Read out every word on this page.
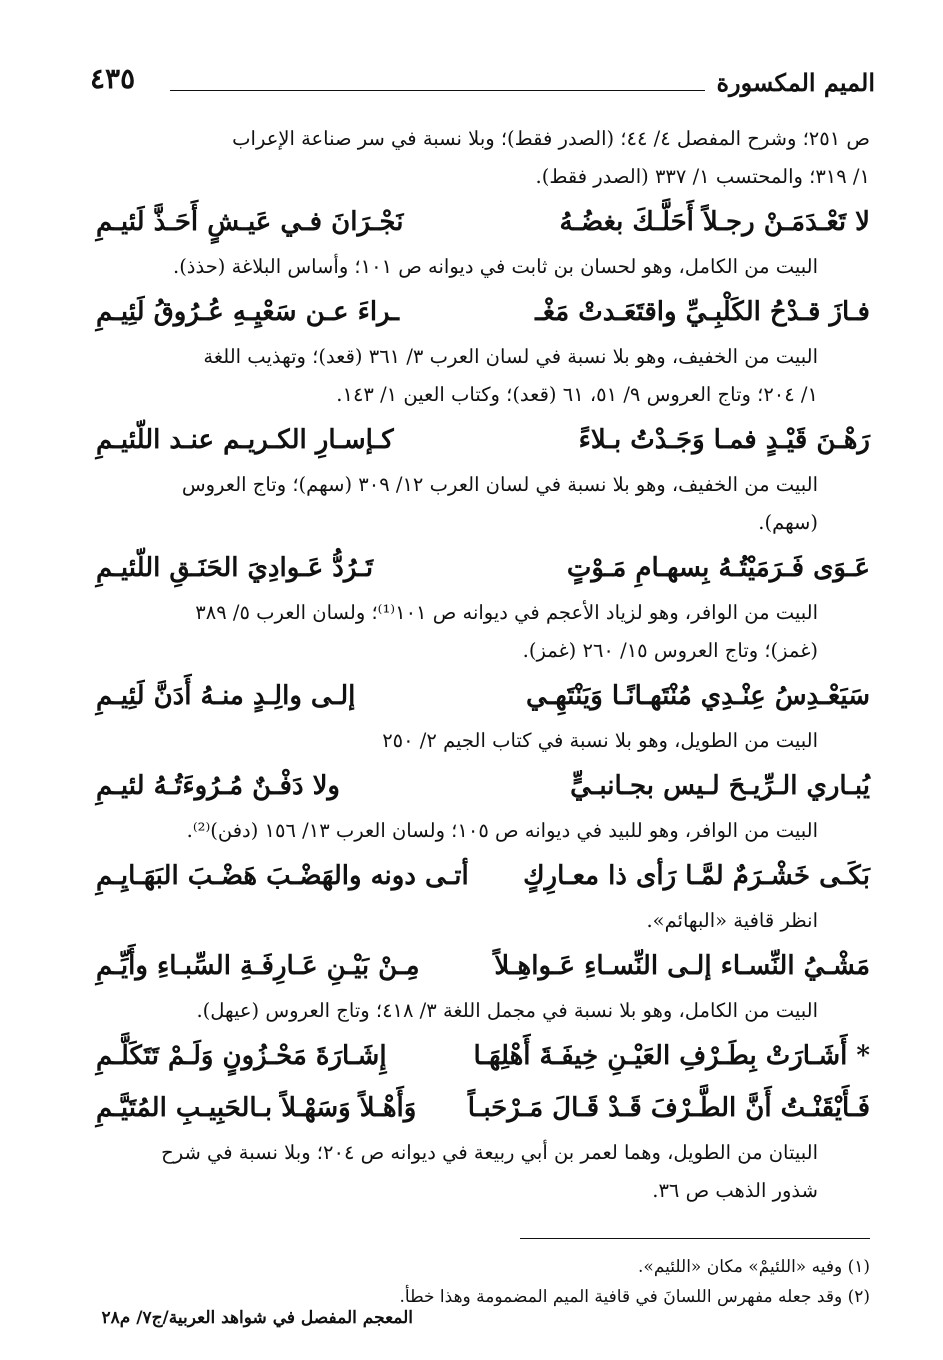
الميم المكسورة
٤٣٥

ص ٢٥١؛ وشرح المفصل ٤/ ٤٤؛ (الصدر فقط)؛ وبلا نسبة في سر صناعة الإعراب
١/ ٣١٩؛ والمحتسب ١/ ٣٣٧ (الصدر فقط).

لا تَعْـدَمَـنْ رجـلاً أَحَلَّـكَ بغضُـهُ
نَجْـرَانَ فـي عَيـشٍ أَحَـذَّ لَئيـمِ

البيت من الكامل، وهو لحسان بن ثابت في ديوانه ص ١٠١؛ وأساس البلاغة (حذذ).

فـازَ قـدْحُ الكَلْبِـيِّ واقتَعَـدتْ مَغْـ
ـراءَ عـن سَعْيِـهِ عُـرُوقُ لَئِيـمِ

البيت من الخفيف، وهو بلا نسبة في لسان العرب ٣/ ٣٦١ (قعد)؛ وتهذيب اللغة
١/ ٢٠٤؛ وتاج العروس ٩/ ٥١، ٦١ (قعد)؛ وكتاب العين ١/ ١٤٣.

رَهْـنَ قَيْـدٍ فمـا وَجَـدْتُ بـلاءً
كـإسـارِ الكـريـم عنـد اللّئيـمِ

البيت من الخفيف، وهو بلا نسبة في لسان العرب ١٢/ ٣٠٩ (سهم)؛ وتاج العروس
(سهم).

عَـوَى فَـرَمَيْتُـهُ بِسهـامِ مَـوْتٍ
تَـرُدُّ عَـوادِيَ الحَنَـقِ اللّئيـمِ

البيت من الوافر، وهو لزياد الأعجم في ديوانه ص ١٠١⁽¹⁾؛ ولسان العرب ٥/ ٣٨٩
(غمز)؛ وتاج العروس ١٥/ ٢٦٠ (غمز).

سَيَعْـدِسُ عِنْـدِي مُنْتَهـانًـا وَيَنْتَهِـي
إلـى والِـدٍ منـهُ أَدَنَّ لَئِيـمِ

البيت من الطويل، وهو بلا نسبة في كتاب الجيم ٢/ ٢٥٠

يُبـاري الـرِّيـحَ لـيس بجـانبـيٍّ
ولا دَفْـنٌ مُـرُوءَتُـهُ لئيـمِ

البيت من الوافر، وهو للبيد في ديوانه ص ١٠٥؛ ولسان العرب ١٣/ ١٥٦ (دفن)⁽²⁾.

بَكَـى خَشْـرَمٌ لمَّـا رَأى ذا معـارِكٍ
أتـى دونه والهَضْـبَ هَضْـبَ البَهَـايِـمِ

انظر قافية «البهائم».

مَشْـيُ النِّسـاء إلـى النِّسـاءِ عَـواهِـلاً
مِـنْ بَيْـنِ عَـارِفَـةِ السِّبـاءِ وأَيِّـمِ

البيت من الكامل، وهو بلا نسبة في مجمل اللغة ٣/ ٤١٨؛ وتاج العروس (عيهل).

* أَشَـارَتْ بِطَـرْفِ العَيْـنِ خِيفَـةَ أَهْلِهَـا
إِشَـارَةَ مَحْـزُونٍ وَلَـمْ تَتَكَلَّـمِ
فَـأَيْقَنْـتُ أَنَّ الطَّـرْفَ قَـدْ قَـالَ مَـرْحَبـاً
وَأَهْـلاً وَسَهْـلاً بـالحَبِيـبِ المُتَيَّـمِ

البيتان من الطويل، وهما لعمر بن أبي ربيعة في ديوانه ص ٢٠٤؛ وبلا نسبة في شرح
شذور الذهب ص ٣٦.

(١) وفيه «اللئيمْ» مكان «اللئيم».
(٢) وقد جعله مفهرس اللسانَ في قافية الميم المضمومة وهذا خطأ.
المعجم المفصل في شواهد العربية/ج٧/ م٢٨
